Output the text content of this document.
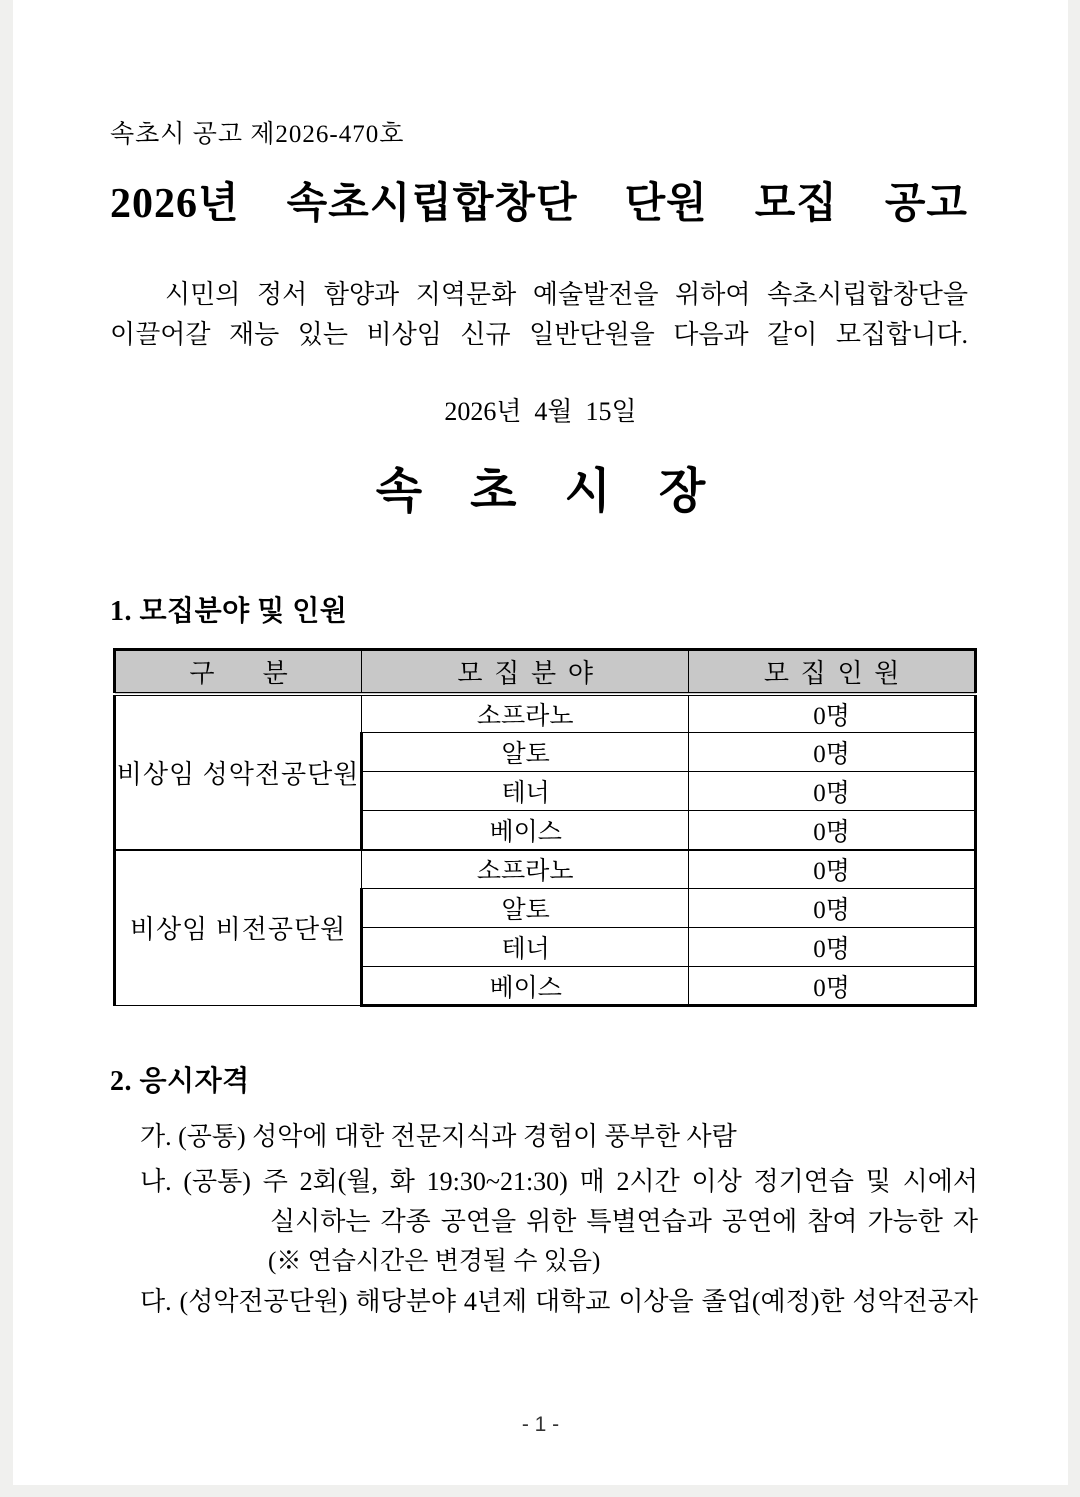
속초시 공고 제2026-470호
2026년 속초시립합창단 단원 모집 공고
시민의 정서 함양과 지역문화 예술발전을 위하여 속초시립합창단을
이끌어갈 재능 있는 비상임 신규 일반단원을 다음과 같이 모집합니다.
2026년  4월  15일
속    초    시    장
1. 모집분야 및 인원
구  분	모집분야	모집인원
비상임 성악전공단원	소프라노	0명
	알토	0명
	테너	0명
	베이스	0명
비상임 비전공단원	소프라노	0명
	알토	0명
	테너	0명
	베이스	0명
2. 응시자격
가. (공통) 성악에 대한 전문지식과 경험이 풍부한 사람
나. (공통) 주 2회(월, 화 19:30~21:30) 매 2시간 이상 정기연습 및 시에서
실시하는 각종 공연을 위한 특별연습과 공연에 참여 가능한 자
(※ 연습시간은 변경될 수 있음)
다. (성악전공단원) 해당분야 4년제 대학교 이상을 졸업(예정)한 성악전공자
- 1 -
